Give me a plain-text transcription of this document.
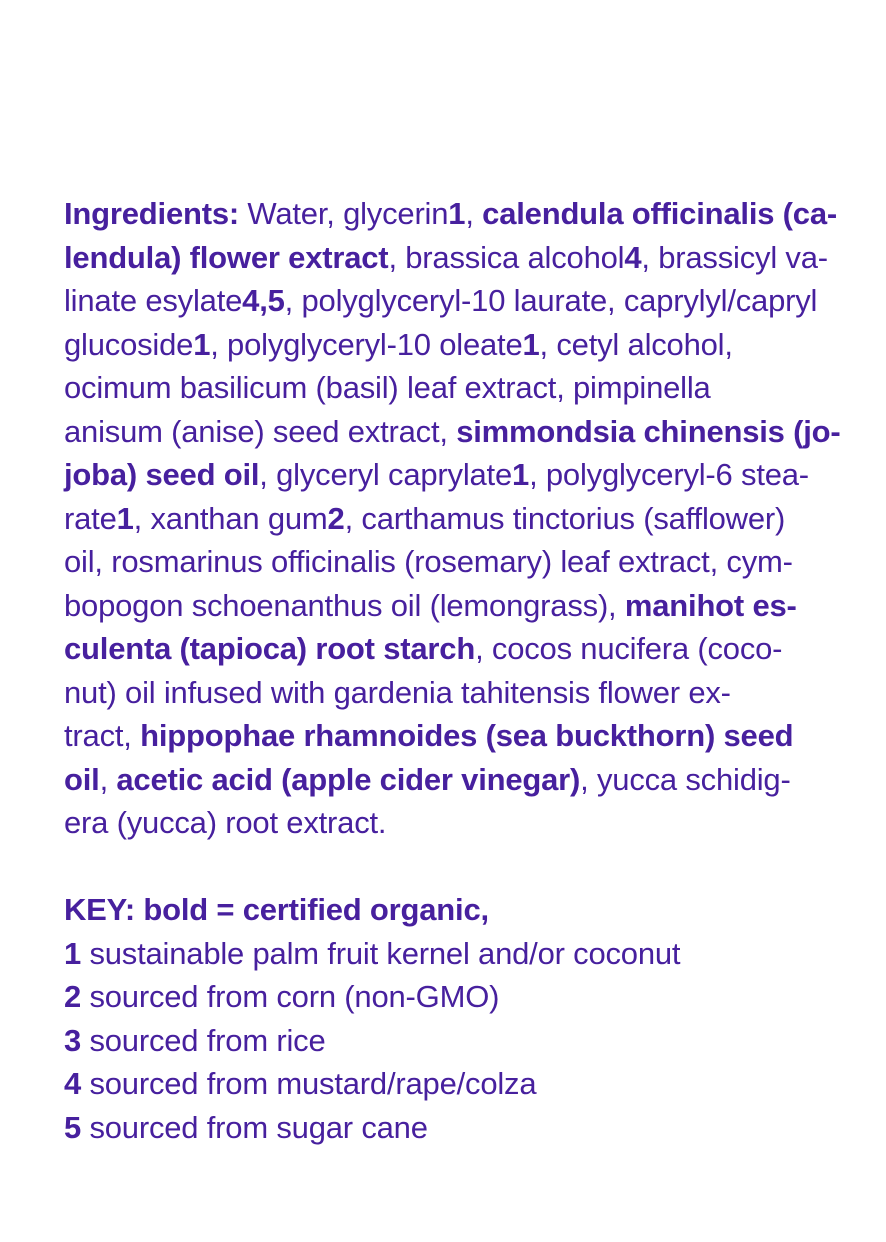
Ingredients: Water, glycerin1, calendula officinalis (ca-
lendula) flower extract, brassica alcohol4, brassicyl va-
linate esylate4,5, polyglyceryl-10 laurate, caprylyl/capryl
glucoside1, polyglyceryl-10 oleate1, cetyl alcohol,
ocimum basilicum (basil) leaf extract, pimpinella
anisum (anise) seed extract, simmondsia chinensis (jo-
joba) seed oil, glyceryl caprylate1, polyglyceryl-6 stea-
rate1, xanthan gum2, carthamus tinctorius (safflower)
oil, rosmarinus officinalis (rosemary) leaf extract, cym-
bopogon schoenanthus oil (lemongrass), manihot es-
culenta (tapioca) root starch, cocos nucifera (coco-
nut) oil infused with gardenia tahitensis flower ex-
tract, hippophae rhamnoides (sea buckthorn) seed
oil, acetic acid (apple cider vinegar), yucca schidig-
era (yucca) root extract.
KEY: bold = certified organic,
1 sustainable palm fruit kernel and/or coconut
2 sourced from corn (non-GMO)
3 sourced from rice
4 sourced from mustard/rape/colza
5 sourced from sugar cane
